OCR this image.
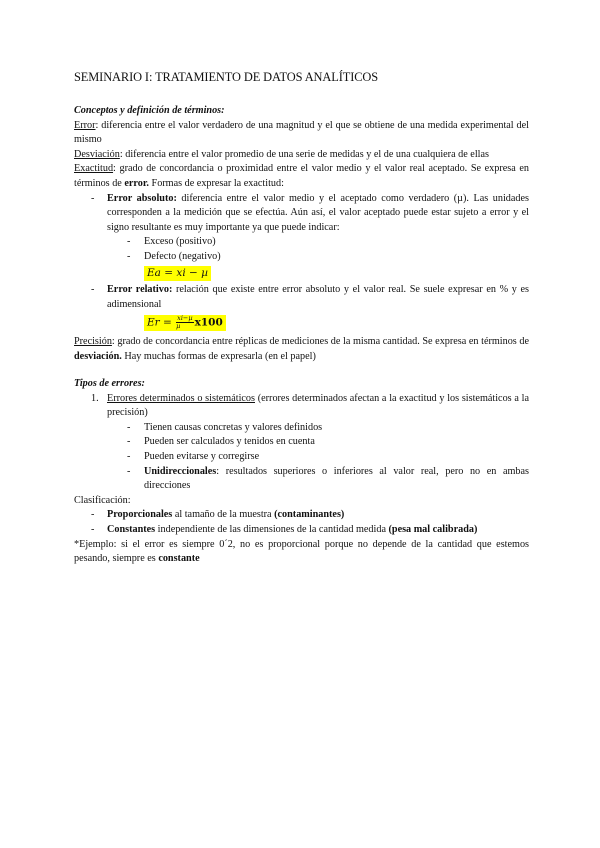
SEMINARIO I: TRATAMIENTO DE DATOS ANALÍTICOS
Conceptos y definición de términos:
Error: diferencia entre el valor verdadero de una magnitud y el que se obtiene de una medida experimental del mismo
Desviación: diferencia entre el valor promedio de una serie de medidas y el de una cualquiera de ellas
Exactitud: grado de concordancia o proximidad entre el valor medio y el valor real aceptado. Se expresa en términos de error. Formas de expresar la exactitud:
- Error absoluto: diferencia entre el valor medio y el aceptado como verdadero (µ). Las unidades corresponden a la medición que se efectúa. Aún así, el valor aceptado puede estar sujeto a error y el signo resultante es muy importante ya que puede indicar:
- Exceso (positivo)
- Defecto (negativo)
Ea = xi − µ
- Error relativo: relación que existe entre error absoluto y el valor real. Se suele expresar en % y es adimensional
$Er = \frac{\text{xi−µ}}{\text{µ}} x100$
Precisión: grado de concordancia entre réplicas de mediciones de la misma cantidad. Se expresa en términos de desviación. Hay muchas formas de expresarla (en el papel)
Tipos de errores:
1. Errores determinados o sistemáticos (errores determinados afectan a la exactitud y los sistemáticos a la precisión)
- Tienen causas concretas y valores definidos
- Pueden ser calculados y tenidos en cuenta
- Pueden evitarse y corregirse
- Unidireccionales: resultados superiores o inferiores al valor real, pero no en ambas direcciones
Clasificación:
- Proporcionales al tamaño de la muestra (contaminantes)
- Constantes independiente de las dimensiones de la cantidad medida (pesa mal calibrada)
*Ejemplo: si el error es siempre 0´2, no es proporcional porque no depende de la cantidad que estemos pesando, siempre es constante
